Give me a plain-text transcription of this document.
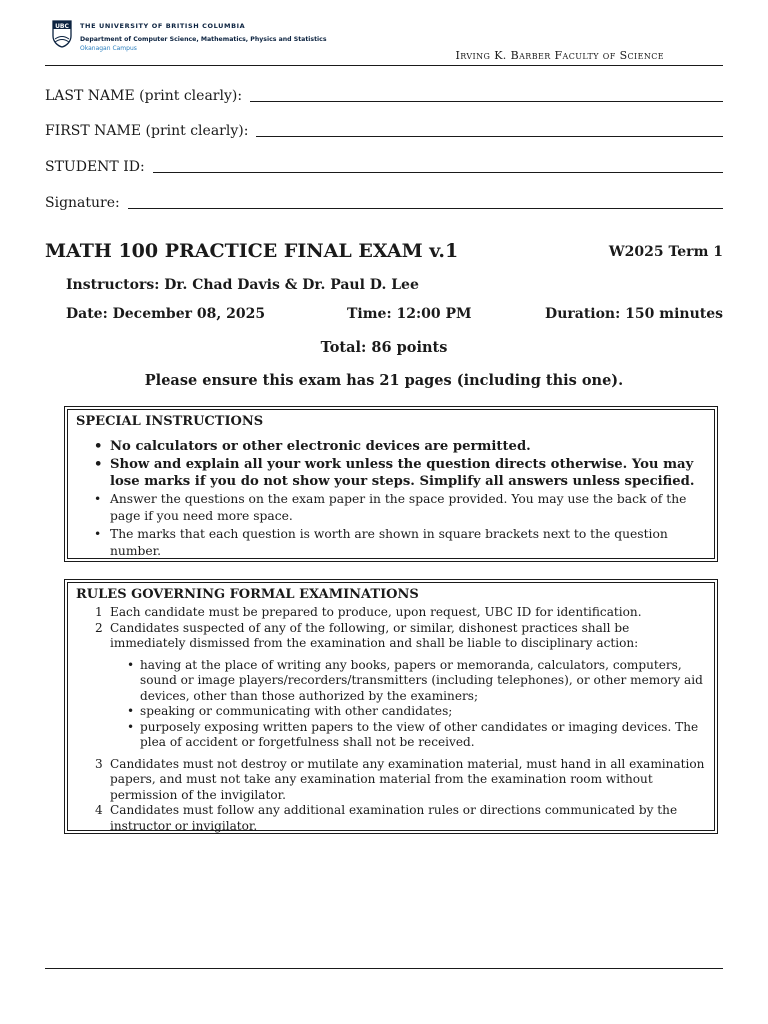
UBC THE UNIVERSITY OF BRITISH COLUMBIA
Department of Computer Science, Mathematics, Physics and Statistics
Okanagan Campus
Irving K. Barber Faculty of Science
LAST NAME (print clearly):
FIRST NAME (print clearly):
STUDENT ID:
Signature:
MATH 100 PRACTICE FINAL EXAM v.1	W2025 Term 1
Instructors: Dr. Chad Davis & Dr. Paul D. Lee
Date: December 08, 2025	Time: 12:00 PM	Duration: 150 minutes
Total: 86 points
Please ensure this exam has 21 pages (including this one).
SPECIAL INSTRUCTIONS
• No calculators or other electronic devices are permitted.
• Show and explain all your work unless the question directs otherwise. You may lose marks if you do not show your steps. Simplify all answers unless specified.
• Answer the questions on the exam paper in the space provided. You may use the back of the page if you need more space.
• The marks that each question is worth are shown in square brackets next to the question number.
RULES GOVERNING FORMAL EXAMINATIONS
1 Each candidate must be prepared to produce, upon request, UBC ID for identification.
2 Candidates suspected of any of the following, or similar, dishonest practices shall be immediately dismissed from the examination and shall be liable to disciplinary action:
• having at the place of writing any books, papers or memoranda, calculators, computers, sound or image players/recorders/transmitters (including telephones), or other memory aid devices, other than those authorized by the examiners;
• speaking or communicating with other candidates;
• purposely exposing written papers to the view of other candidates or imaging devices. The plea of accident or forgetfulness shall not be received.
3 Candidates must not destroy or mutilate any examination material, must hand in all examination papers, and must not take any examination material from the examination room without permission of the invigilator.
4 Candidates must follow any additional examination rules or directions communicated by the instructor or invigilator.
